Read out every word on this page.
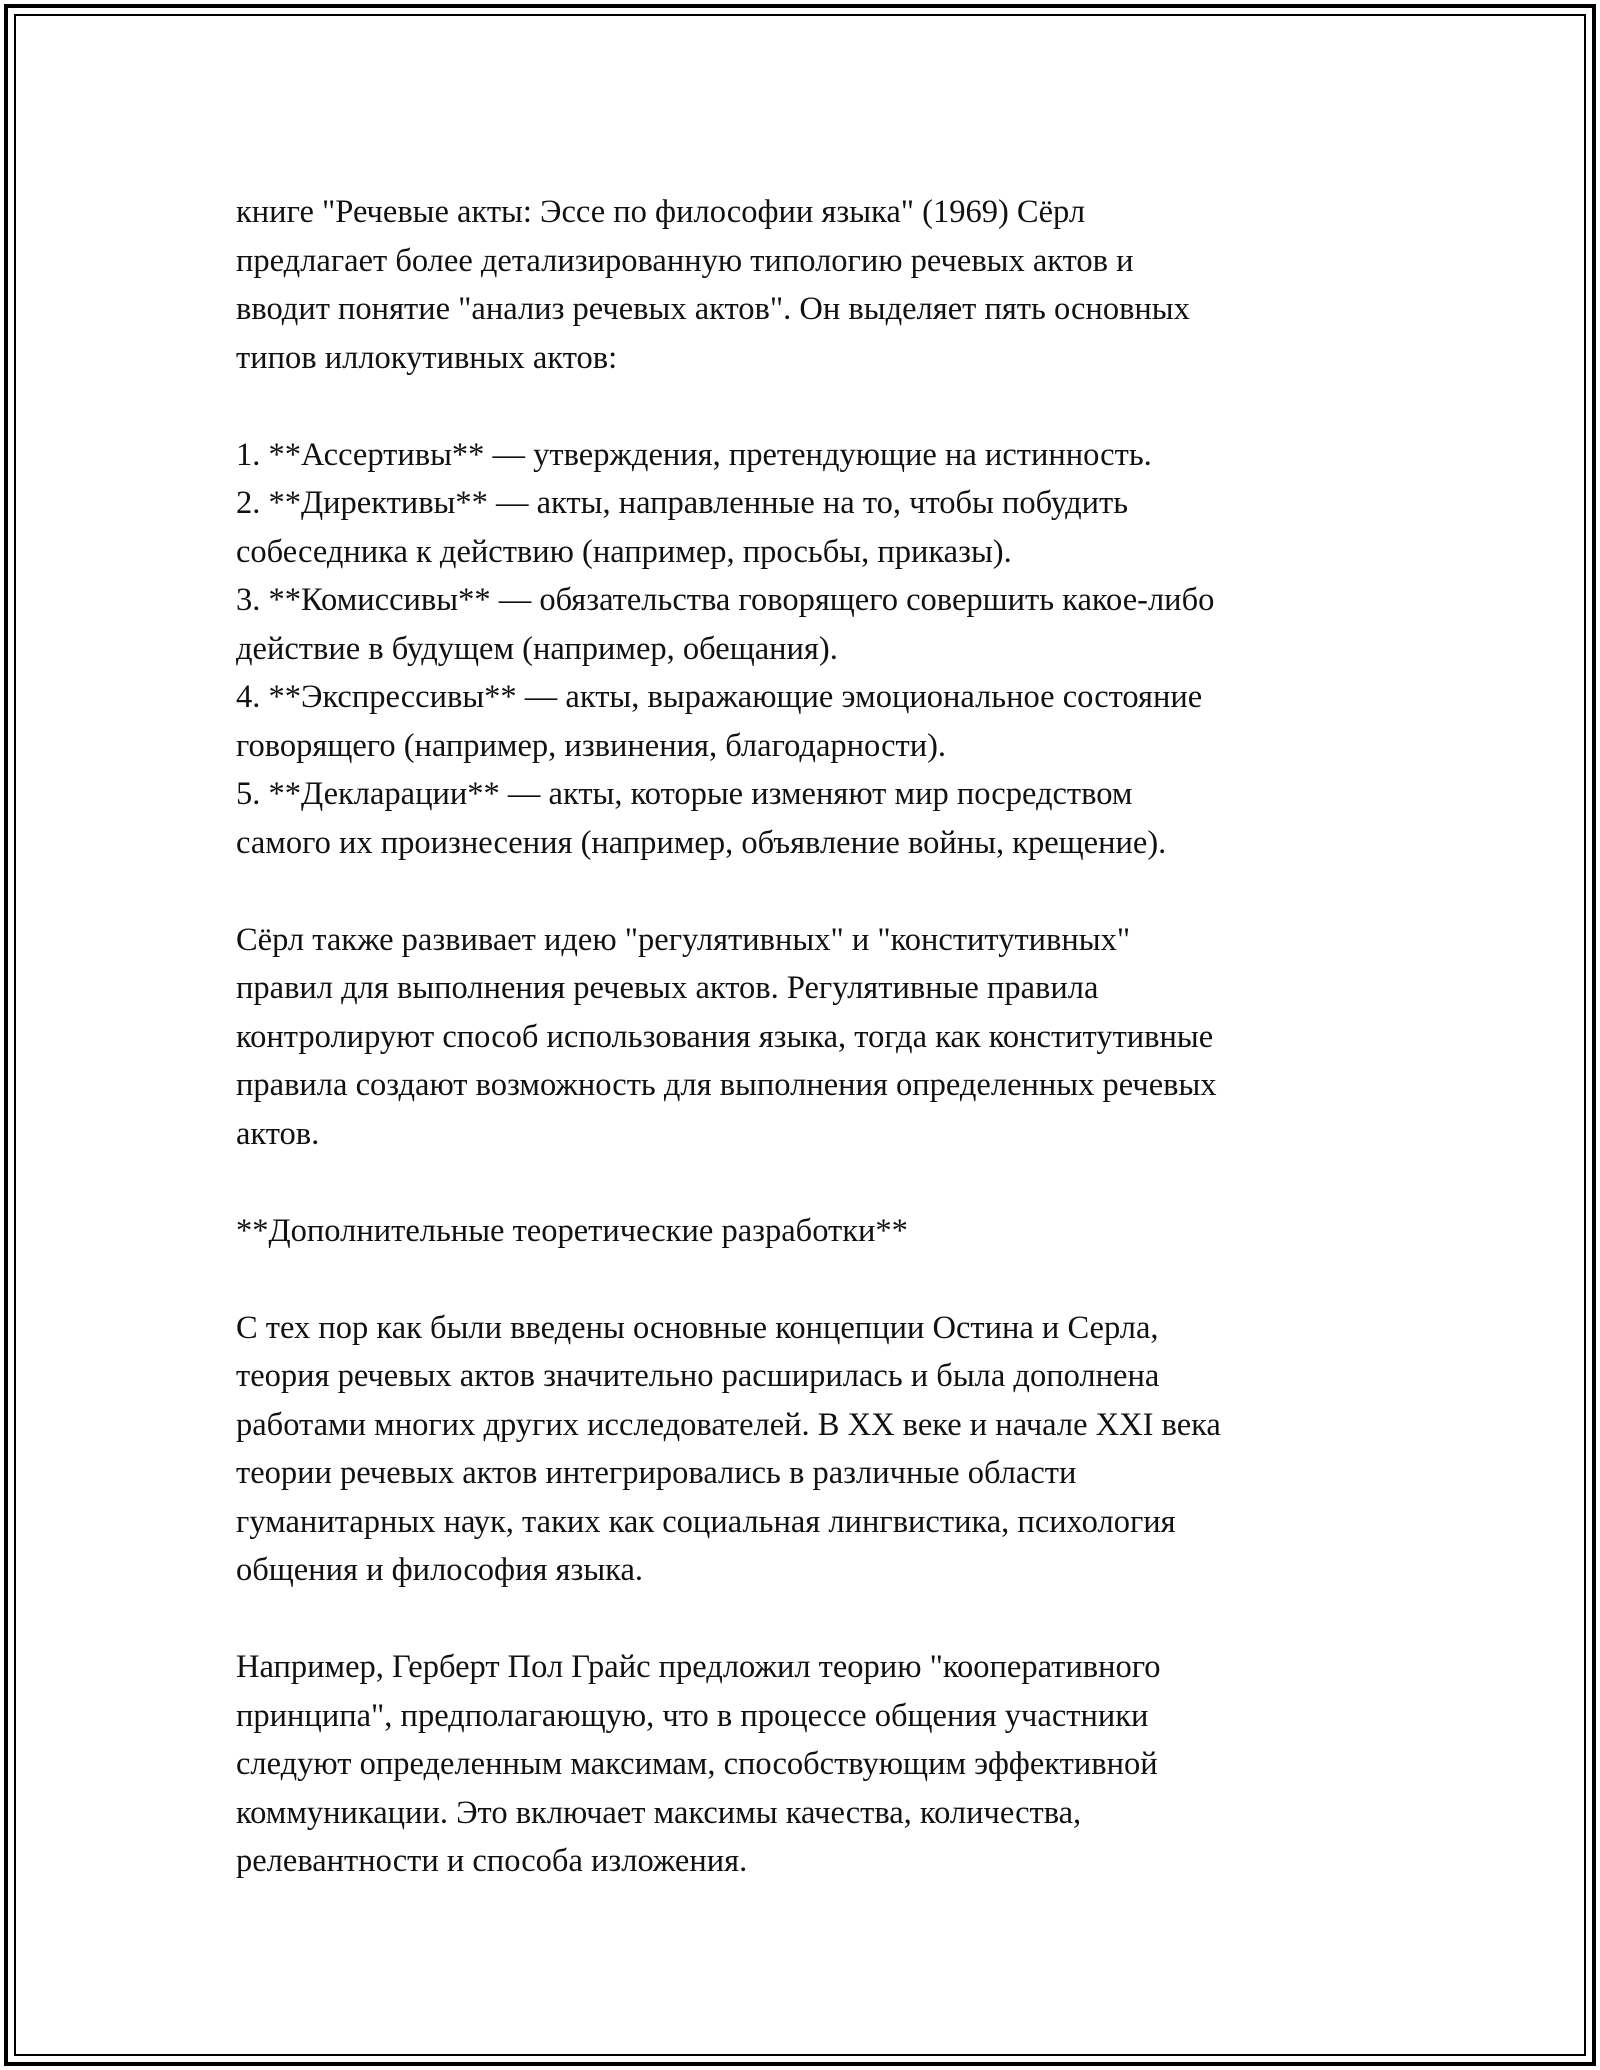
книге "Речевые акты: Эссе по философии языка" (1969) Сёрл

предлагает более детализированную типологию речевых актов и

вводит понятие "анализ речевых актов". Он выделяет пять основных

типов иллокутивных актов:

1. **Ассертивы** — утверждения, претендующие на истинность.

2. **Директивы** — акты, направленные на то, чтобы побудить

собеседника к действию (например, просьбы, приказы).

3. **Комиссивы** — обязательства говорящего совершить какое-либо

действие в будущем (например, обещания).

4. **Экспрессивы** — акты, выражающие эмоциональное состояние

говорящего (например, извинения, благодарности).

5. **Декларации** — акты, которые изменяют мир посредством

самого их произнесения (например, объявление войны, крещение).

Сёрл также развивает идею "регулятивных" и "конститутивных"

правил для выполнения речевых актов. Регулятивные правила

контролируют способ использования языка, тогда как конститутивные

правила создают возможность для выполнения определенных речевых

актов.

**Дополнительные теоретические разработки**

С тех пор как были введены основные концепции Остина и Серла,

теория речевых актов значительно расширилась и была дополнена

работами многих других исследователей. В XX веке и начале XXI века

теории речевых актов интегрировались в различные области

гуманитарных наук, таких как социальная лингвистика, психология

общения и философия языка.

Например, Герберт Пол Грайс предложил теорию "кооперативного

принципа", предполагающую, что в процессе общения участники

следуют определенным максимам, способствующим эффективной

коммуникации. Это включает максимы качества, количества,

релевантности и способа изложения.
